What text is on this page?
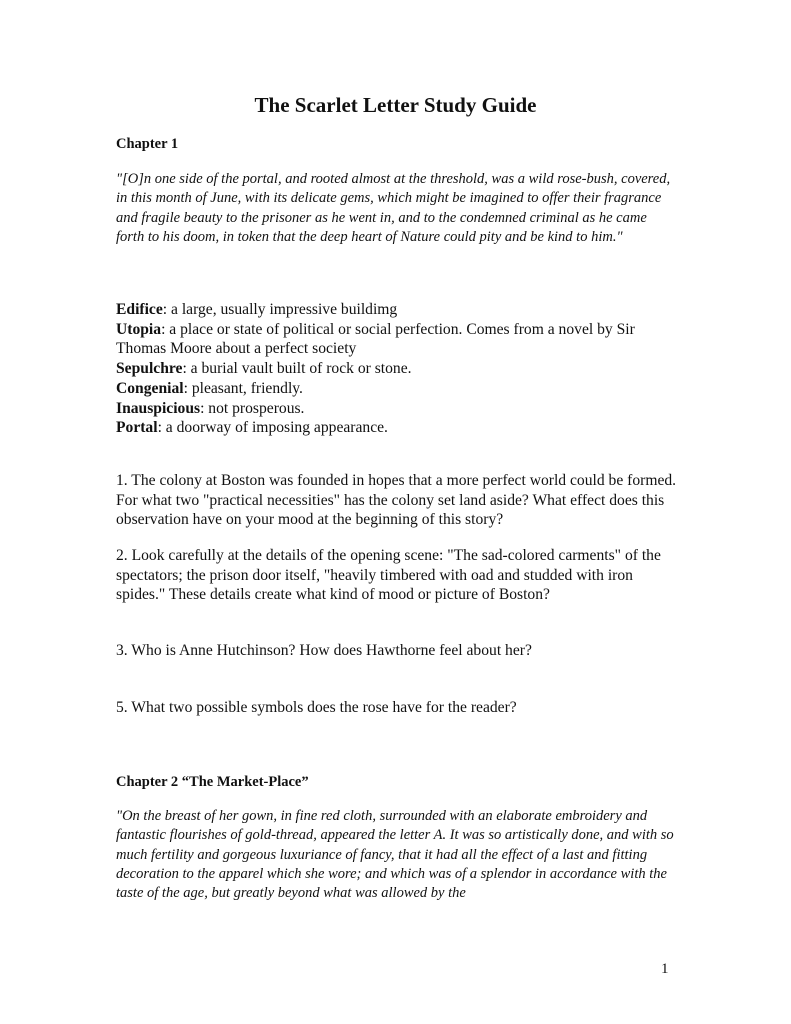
The Scarlet Letter Study Guide

Chapter 1

"[O]n one side of the portal, and rooted almost at the threshold, was a wild rose-bush, covered, in this month of June, with its delicate gems, which might be imagined to offer their fragrance and fragile beauty to the prisoner as he went in, and to the condemned criminal as he came forth to his doom, in token that the deep heart of Nature could pity and be kind to him."

Edifice: a large, usually impressive buildimg
Utopia: a place or state of political or social perfection. Comes from a novel by Sir Thomas Moore about a perfect society
Sepulchre: a burial vault built of rock or stone.
Congenial: pleasant, friendly.
Inauspicious: not prosperous.
Portal: a doorway of imposing appearance.

1. The colony at Boston was founded in hopes that a more perfect world could be formed. For what two "practical necessities" has the colony set land aside? What effect does this observation have on your mood at the beginning of this story?

2. Look carefully at the details of the opening scene: "The sad-colored carments" of the spectators; the prison door itself, "heavily timbered with oad and studded with iron spides." These details create what kind of mood or picture of Boston?

3. Who is Anne Hutchinson? How does Hawthorne feel about her?

5. What two possible symbols does the rose have for the reader?

Chapter 2 “The Market-Place”

"On the breast of her gown, in fine red cloth, surrounded with an elaborate embroidery and fantastic flourishes of gold-thread, appeared the letter A. It was so artistically done, and with so much fertility and gorgeous luxuriance of fancy, that it had all the effect of a last and fitting decoration to the apparel which she wore; and which was of a splendor in accordance with the taste of the age, but greatly beyond what was allowed by the

1
